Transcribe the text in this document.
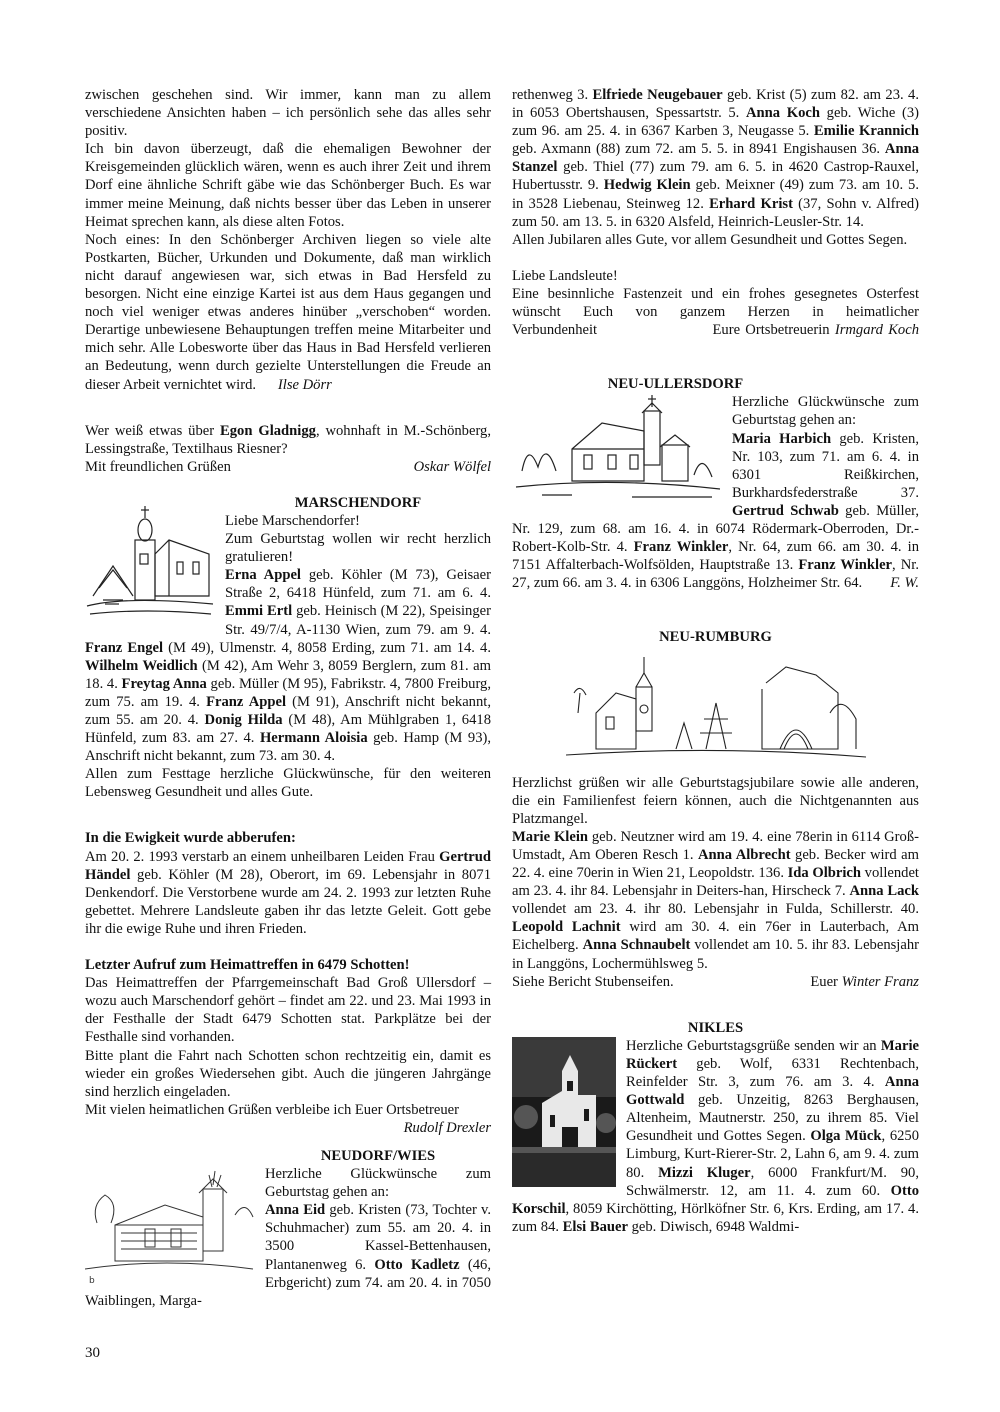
zwischen geschehen sind. Wir immer, kann man zu allem verschiedene Ansichten haben – ich persönlich sehe das alles sehr positiv.

Ich bin davon überzeugt, daß die ehemaligen Bewohner der Kreisgemeinden glücklich wären, wenn es auch ihrer Zeit und ihrem Dorf eine ähnliche Schrift gäbe wie das Schönberger Buch. Es war immer meine Meinung, daß nichts besser über das Leben in unserer Heimat sprechen kann, als diese alten Fotos.

Noch eines: In den Schönberger Archiven liegen so viele alte Postkarten, Bücher, Urkunden und Dokumente, daß man wirklich nicht darauf angewiesen war, sich etwas in Bad Hersfeld zu besorgen. Nicht eine einzige Kartei ist aus dem Haus gegangen und noch viel weniger etwas anderes hinüber „verschoben“ worden. Derartige unbewiesene Behauptungen treffen meine Mitarbeiter und mich sehr. Alle Lobesworte über das Haus in Bad Hersfeld verlieren an Bedeutung, wenn durch gezielte Unterstellungen die Freude an dieser Arbeit vernichtet wird. Ilse Dörr

Wer weiß etwas über Egon Gladnigg, wohnhaft in M.-Schönberg, Lessingstraße, Textilhaus Riesner?

Mit freundlichen Grüßen	Oskar Wölfel

MARSCHENDORF

Liebe Marschendorfer!

Zum Geburtstag wollen wir recht herzlich gratulieren!

Erna Appel geb. Köhler (M 73), Geisaer Straße 2, 6418 Hünfeld, zum 71. am 6. 4. Emmi Ertl geb. Heinisch (M 22), Speisinger Str. 49/7/4, A-1130 Wien, zum 79. am 9. 4. Franz Engel (M 49), Ulmenstr. 4, 8058 Erding, zum 71. am 14. 4. Wilhelm Weidlich (M 42), Am Wehr 3, 8059 Berglern, zum 81. am 18. 4. Freytag Anna geb. Müller (M 95), Fabrikstr. 4, 7800 Freiburg, zum 75. am 19. 4. Franz Appel (M 91), Anschrift nicht bekannt, zum 55. am 20. 4. Donig Hilda (M 48), Am Mühlgraben 1, 6418 Hünfeld, zum 83. am 27. 4. Hermann Aloisia geb. Hamp (M 93), Anschrift nicht bekannt, zum 73. am 30. 4.

Allen zum Festtage herzliche Glückwünsche, für den weiteren Lebensweg Gesundheit und alles Gute.

In die Ewigkeit wurde abberufen:

Am 20. 2. 1993 verstarb an einem unheilbaren Leiden Frau Gertrud Händel geb. Köhler (M 28), Oberort, im 69. Lebensjahr in 8071 Denkendorf. Die Verstorbene wurde am 24. 2. 1993 zur letzten Ruhe gebettet. Mehrere Landsleute gaben ihr das letzte Geleit. Gott gebe ihr die ewige Ruhe und ihren Frieden.

Letzter Aufruf zum Heimattreffen in 6479 Schotten!

Das Heimattreffen der Pfarrgemeinschaft Bad Groß Ullersdorf – wozu auch Marschendorf gehört – findet am 22. und 23. Mai 1993 in der Festhalle der Stadt 6479 Schotten stat. Parkplätze bei der Festhalle sind vorhanden.

Bitte plant die Fahrt nach Schotten schon rechtzeitig ein, damit es wieder ein großes Wiedersehen gibt. Auch die jüngeren Jahrgänge sind herzlich eingeladen.

Mit vielen heimatlichen Grüßen verbleibe ich Euer Ortsbetreuer

Rudolf Drexler

b

NEUDORF/WIES

Herzliche Glückwünsche zum Geburtstag gehen an:

Anna Eid geb. Kristen (73, Tochter v. Schuhmacher) zum 55. am 20. 4. in 3500 Kassel-Bettenhausen, Plantanenweg 6. Otto Kadletz (46, Erbgericht) zum 74. am 20. 4. in 7050 Waiblingen, Marga-

rethenweg 3. Elfriede Neugebauer geb. Krist (5) zum 82. am 23. 4. in 6053 Obertshausen, Spessartstr. 5. Anna Koch geb. Wiche (3) zum 96. am 25. 4. in 6367 Karben 3, Neugasse 5. Emilie Krannich geb. Axmann (88) zum 72. am 5. 5. in 8941 Engishausen 36. Anna Stanzel geb. Thiel (77) zum 79. am 6. 5. in 4620 Castrop-Rauxel, Hubertusstr. 9. Hedwig Klein geb. Meixner (49) zum 73. am 10. 5. in 3528 Liebenau, Steinweg 12. Erhard Krist (37, Sohn v. Alfred) zum 50. am 13. 5. in 6320 Alsfeld, Heinrich-Leusler-Str. 14.

Allen Jubilaren alles Gute, vor allem Gesundheit und Gottes Segen.

Liebe Landsleute!

Eine besinnliche Fastenzeit und ein frohes gesegnetes Osterfest wünscht Euch von ganzem Herzen in heimatlicher Verbundenheit	Eure Ortsbetreuerin Irmgard Koch

NEU-ULLERSDORF

Herzliche Glückwünsche zum Geburtstag gehen an:

Maria Harbich geb. Kristen, Nr. 103, zum 71. am 6. 4. in 6301 Reißkirchen, Burkhardsfederstraße 37. Gertrud Schwab geb. Müller, Nr. 129, zum 68. am 16. 4. in 6074 Rödermark-Oberroden, Dr.-Robert-Kolb-Str. 4. Franz Winkler, Nr. 64, zum 66. am 30. 4. in 7151 Affalterbach-Wolfsölden, Hauptstraße 13. Franz Winkler, Nr. 27, zum 66. am 3. 4. in 6306 Langgöns, Holzheimer Str. 64.	F. W.

NEU-RUMBURG

Herzlichst grüßen wir alle Geburtstagsjubilare sowie alle anderen, die ein Familienfest feiern können, auch die Nichtgenannten aus Platzmangel.

Marie Klein geb. Neutzner wird am 19. 4. eine 78erin in 6114 Groß-Umstadt, Am Oberen Resch 1. Anna Albrecht geb. Becker wird am 22. 4. eine 70erin in Wien 21, Leopoldstr. 136. Ida Olbrich vollendet am 23. 4. ihr 84. Lebensjahr in Deiters-han, Hirscheck 7. Anna Lack vollendet am 23. 4. ihr 80. Lebensjahr in Fulda, Schillerstr. 40. Leopold Lachnit wird am 30. 4. ein 76er in Lauterbach, Am Eichelberg. Anna Schnaubelt vollendet am 10. 5. ihr 83. Lebensjahr in Langgöns, Lochermühlsweg 5.

Siehe Bericht Stubenseifen.	Euer Winter Franz

NIKLES

Herzliche Geburtstagsgrüße senden wir an Marie Rückert geb. Wolf, 6331 Rechtenbach, Reinfelder Str. 3, zum 76. am 3. 4. Anna Gottwald geb. Unzeitig, 8263 Berghausen, Altenheim, Mautnerstr. 250, zu ihrem 85. Viel Gesundheit und Gottes Segen. Olga Mück, 6250 Limburg, Kurt-Rierer-Str. 2, Lahn 6, am 9. 4. zum 80. Mizzi Kluger, 6000 Frankfurt/M. 90, Schwälmerstr. 12, am 11. 4. zum 60. Otto Korschil, 8059 Kirchötting, Hörlköfner Str. 6, Krs. Erding, am 17. 4. zum 84. Elsi Bauer geb. Diwisch, 6948 Waldmi-

30
